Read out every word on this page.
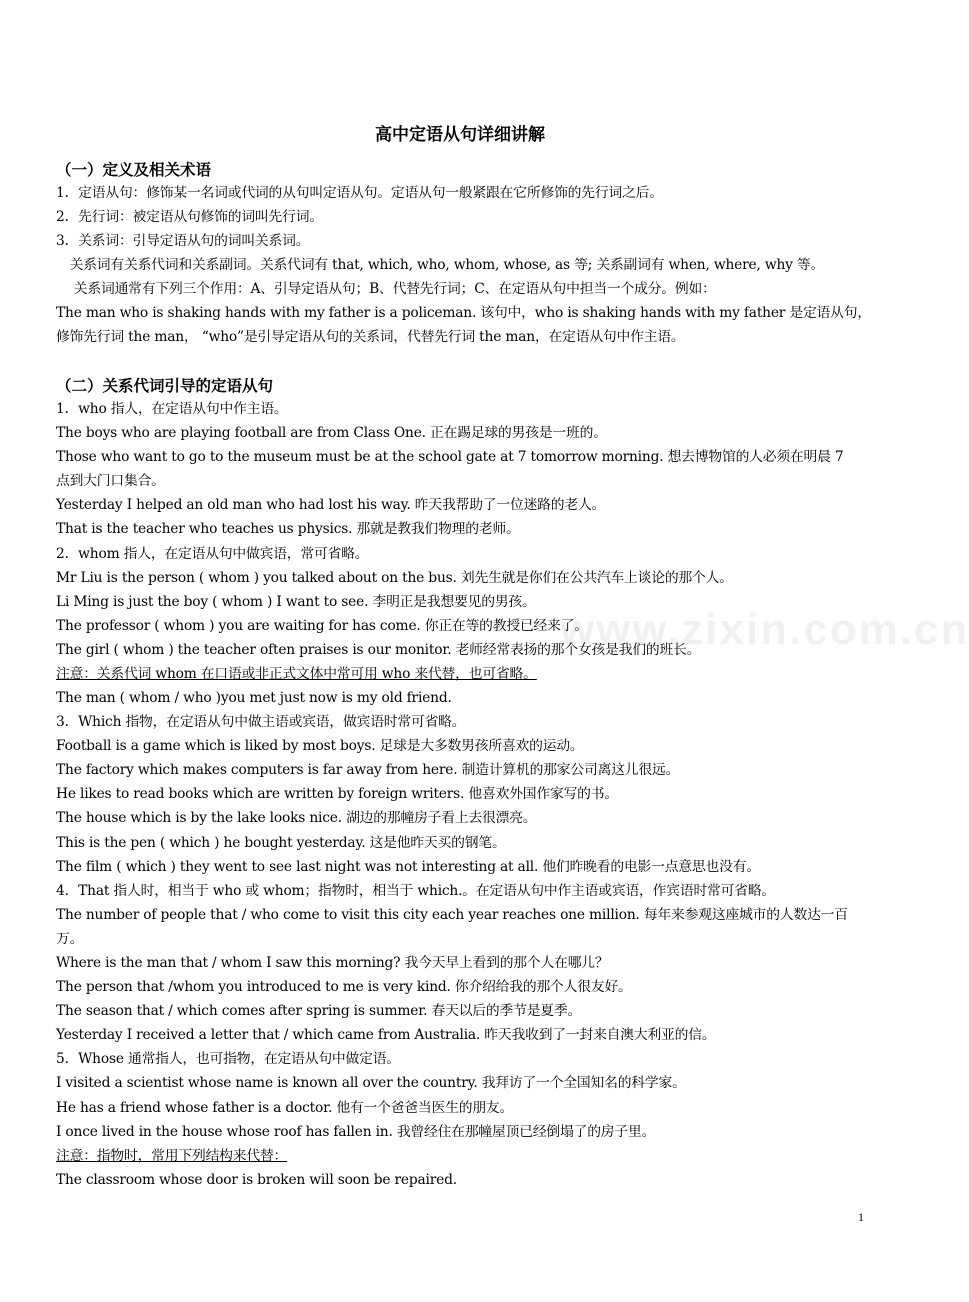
高中定语从句详细讲解
（一）定义及相关术语
1．定语从句：修饰某一名词或代词的从句叫定语从句。定语从句一般紧跟在它所修饰的先行词之后。
2．先行词：被定语从句修饰的词叫先行词。
3．关系词：引导定语从句的词叫关系词。
　关系词有关系代词和关系副词。关系代词有 that, which, who, whom, whose, as 等; 关系副词有 when, where, why 等。
　 关系词通常有下列三个作用：A、引导定语从句；B、代替先行词；C、在定语从句中担当一个成分。例如：
The man who is shaking hands with my father is a policeman. 该句中，who is shaking hands with my father 是定语从句，
修饰先行词 the man， “who”是引导定语从句的关系词，代替先行词 the man，在定语从句中作主语。
（二）关系代词引导的定语从句
1．who 指人，在定语从句中作主语。
The boys who are playing football are from Class One. 正在踢足球的男孩是一班的。
Those who want to go to the museum must be at the school gate at 7 tomorrow morning. 想去博物馆的人必须在明晨 7
点到大门口集合。
Yesterday I helped an old man who had lost his way. 昨天我帮助了一位迷路的老人。
That is the teacher who teaches us physics. 那就是教我们物理的老师。
2．whom 指人，在定语从句中做宾语，常可省略。
Mr Liu is the person ( whom ) you talked about on the bus. 刘先生就是你们在公共汽车上谈论的那个人。
Li Ming is just the boy ( whom ) I want to see. 李明正是我想要见的男孩。
The professor ( whom ) you are waiting for has come. 你正在等的教授已经来了。
The girl ( whom ) the teacher often praises is our monitor. 老师经常表扬的那个女孩是我们的班长。
注意：关系代词 whom 在口语或非正式文体中常可用 who 来代替，也可省略。
The man ( whom / who )you met just now is my old friend.
3．Which 指物，在定语从句中做主语或宾语，做宾语时常可省略。
Football is a game which is liked by most boys. 足球是大多数男孩所喜欢的运动。
The factory which makes computers is far away from here. 制造计算机的那家公司离这儿很远。
He likes to read books which are written by foreign writers. 他喜欢外国作家写的书。
The house which is by the lake looks nice. 湖边的那幢房子看上去很漂亮。
This is the pen ( which ) he bought yesterday. 这是他昨天买的钢笔。
The film ( which ) they went to see last night was not interesting at all. 他们昨晚看的电影一点意思也没有。
4．That 指人时，相当于 who 或 whom；指物时，相当于 which.。在定语从句中作主语或宾语，作宾语时常可省略。
The number of people that / who come to visit this city each year reaches one million. 每年来参观这座城市的人数达一百
万。
Where is the man that / whom I saw this morning? 我今天早上看到的那个人在哪儿？
The person that /whom you introduced to me is very kind. 你介绍给我的那个人很友好。
The season that / which comes after spring is summer. 春天以后的季节是夏季。
Yesterday I received a letter that / which came from Australia. 昨天我收到了一封来自澳大利亚的信。
5．Whose 通常指人，也可指物，在定语从句中做定语。
I visited a scientist whose name is known all over the country. 我拜访了一个全国知名的科学家。
He has a friend whose father is a doctor. 他有一个爸爸当医生的朋友。
I once lived in the house whose roof has fallen in. 我曾经住在那幢屋顶已经倒塌了的房子里。
注意：指物时，常用下列结构来代替：
The classroom whose door is broken will soon be repaired.
www.zixin.com.cn
1
